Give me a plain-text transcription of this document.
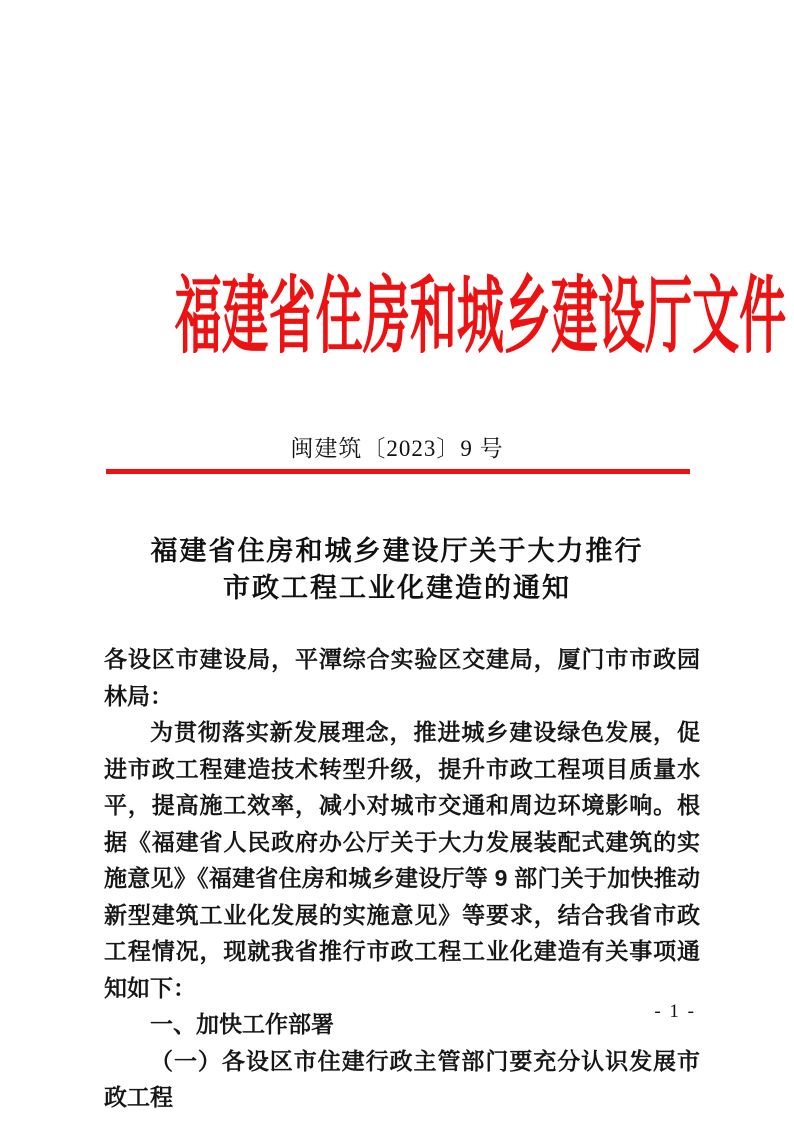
福建省住房和城乡建设厅文件
闽建筑〔2023〕9 号
福建省住房和城乡建设厅关于大力推行
市政工程工业化建造的通知

各设区市建设局，平潭综合实验区交建局，厦门市市政园林局：

为贯彻落实新发展理念，推进城乡建设绿色发展，促进市政工程建造技术转型升级，提升市政工程项目质量水平，提高施工效率，减小对城市交通和周边环境影响。根据《福建省人民政府办公厅关于大力发展装配式建筑的实施意见》《福建省住房和城乡建设厅等 9 部门关于加快推动新型建筑工业化发展的实施意见》等要求，结合我省市政工程情况，现就我省推行市政工程工业化建造有关事项通知如下：

一、加快工作部署

（一）各设区市住建行政主管部门要充分认识发展市政工程

- 1 -
